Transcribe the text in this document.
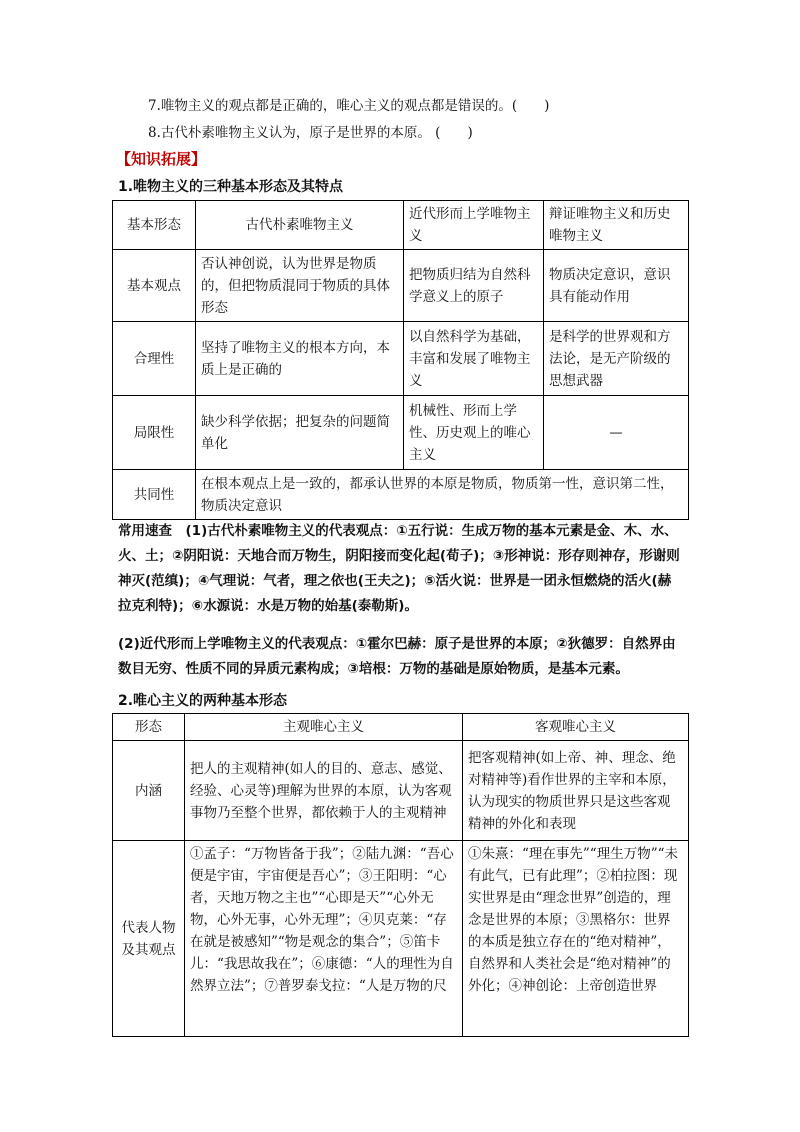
7.唯物主义的观点都是正确的，唯心主义的观点都是错误的。(　　)
8.古代朴素唯物主义认为，原子是世界的本原。 (　　)
【知识拓展】
1.唯物主义的三种基本形态及其特点
基本形态	古代朴素唯物主义	近代形而上学唯物主义	辩证唯物主义和历史唯物主义
基本观点	否认神创说，认为世界是物质的，但把物质混同于物质的具体形态	把物质归结为自然科学意义上的原子	物质决定意识，意识具有能动作用
合理性	坚持了唯物主义的根本方向，本质上是正确的	以自然科学为基础，丰富和发展了唯物主义	是科学的世界观和方法论，是无产阶级的思想武器
局限性	缺少科学依据；把复杂的问题简单化	机械性、形而上学性、历史观上的唯心主义	—
共同性	在根本观点上是一致的，都承认世界的本原是物质，物质第一性，意识第二性，物质决定意识		
常用速查　 (1)古代朴素唯物主义的代表观点：①五行说：生成万物的基本元素是金、木、水、火、土；②阴阳说：天地合而万物生，阴阳接而变化起(荀子)；③形神说：形存则神存，形谢则神灭(范缜)；④气理说：气者，理之依也(王夫之)；⑤活火说：世界是一团永恒燃烧的活火(赫拉克利特)；⑥水源说：水是万物的始基(泰勒斯)。
(2)近代形而上学唯物主义的代表观点：①霍尔巴赫：原子是世界的本原；②狄德罗：自然界由数目无穷、性质不同的异质元素构成；③培根：万物的基础是原始物质，是基本元素。
2.唯心主义的两种基本形态
形态	主观唯心主义	客观唯心主义
内涵	把人的主观精神(如人的目的、意志、感觉、经验、心灵等)理解为世界的本原，认为客观事物乃至整个世界，都依赖于人的主观精神	把客观精神(如上帝、神、理念、绝对精神等)看作世界的主宰和本原，认为现实的物质世界只是这些客观精神的外化和表现
代表人物及其观点	①孟子：“万物皆备于我”；②陆九渊：“吾心便是宇宙，宇宙便是吾心”；③王阳明：“心者，天地万物之主也”“心即是天”“心外无物，心外无事，心外无理”；④贝克莱：“存在就是被感知”“物是观念的集合”；⑤笛卡儿：“我思故我在”；⑥康德：“人的理性为自然界立法”；⑦普罗泰戈拉：“人是万物的尺	①朱熹：“理在事先”“理生万物”“未有此气，已有此理”；②柏拉图：现实世界是由“理念世界”创造的，理念是世界的本原；③黑格尔：世界的本质是独立存在的“绝对精神”，自然界和人类社会是“绝对精神”的外化；④神创论：上帝创造世界
